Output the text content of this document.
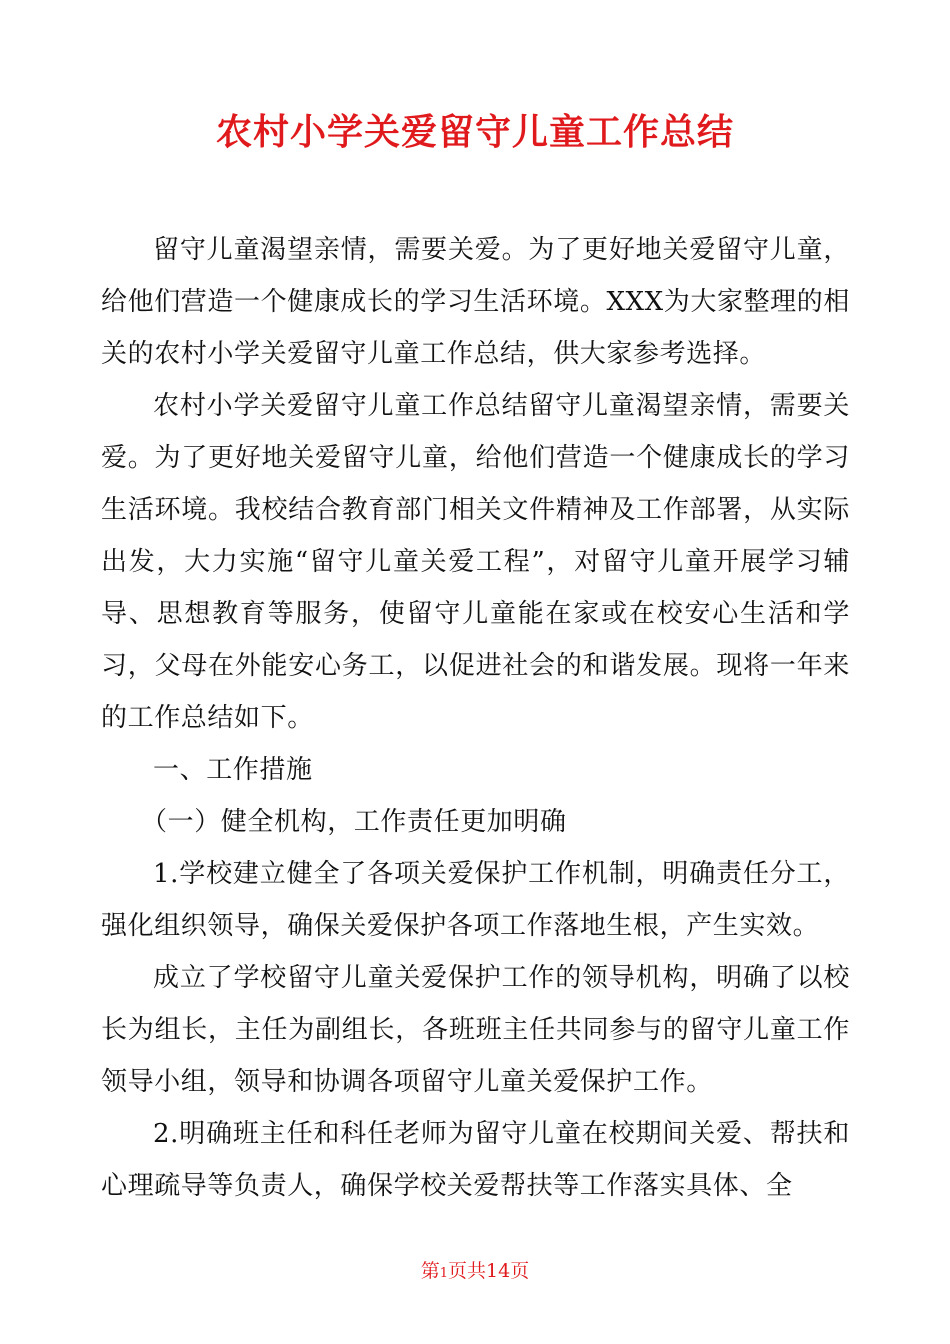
农村小学关爱留守儿童工作总结

留守儿童渴望亲情，需要关爱。为了更好地关爱留守儿童，给他们营造一个健康成长的学习生活环境。XXX为大家整理的相关的农村小学关爱留守儿童工作总结，供大家参考选择。

农村小学关爱留守儿童工作总结留守儿童渴望亲情，需要关爱。为了更好地关爱留守儿童，给他们营造一个健康成长的学习生活环境。我校结合教育部门相关文件精神及工作部署，从实际出发，大力实施“留守儿童关爱工程”，对留守儿童开展学习辅导、思想教育等服务，使留守儿童能在家或在校安心生活和学习，父母在外能安心务工，以促进社会的和谐发展。现将一年来的工作总结如下。

一、工作措施

（一）健全机构，工作责任更加明确

1.学校建立健全了各项关爱保护工作机制，明确责任分工，强化组织领导，确保关爱保护各项工作落地生根，产生实效。

成立了学校留守儿童关爱保护工作的领导机构，明确了以校长为组长，主任为副组长，各班班主任共同参与的留守儿童工作领导小组，领导和协调各项留守儿童关爱保护工作。

2.明确班主任和科任老师为留守儿童在校期间关爱、帮扶和心理疏导等负责人，确保学校关爱帮扶等工作落实具体、全

第1页共14页
